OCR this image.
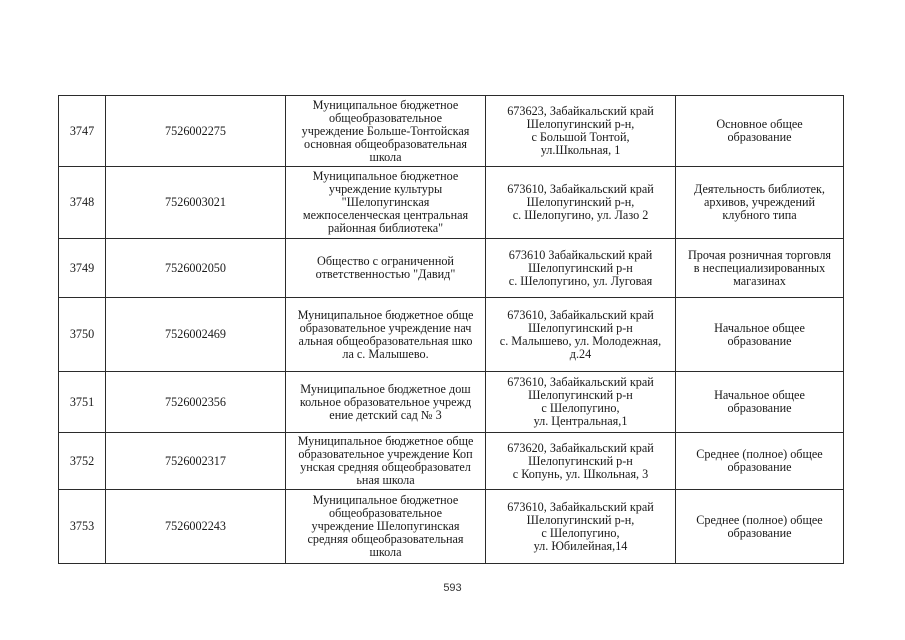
3747	7526002275	Муниципальное бюджетное
общеобразовательное
учреждение Больше-Тонтойская
основная общеобразовательная
школа	673623, Забайкальский край
Шелопугинский р-н,
с Большой Тонтой,
ул.Школьная, 1	Основное общее
образование
3748	7526003021	Муниципальное бюджетное
учреждение культуры
"Шелопугинская
межпоселенческая центральная
районная библиотека"	673610, Забайкальский край
Шелопугинский р-н,
с. Шелопугино, ул. Лазо 2	Деятельность библиотек,
архивов, учреждений
клубного типа
3749	7526002050	Общество с ограниченной
ответственностью "Давид"	673610 Забайкальский край
Шелопугинский р-н
с. Шелопугино, ул. Луговая	Прочая розничная торговля
в неспециализированных
магазинах
3750	7526002469	Муниципальное бюджетное обще
образовательное учреждение нач
альная общеобразовательная шко
ла с. Малышево.	673610, Забайкальский край
Шелопугинский р-н
с. Малышево, ул. Молодежная,
д.24	Начальное общее
образование
3751	7526002356	Муниципальное бюджетное дош
кольное образовательное учрежд
ение детский сад № 3	673610, Забайкальский край
Шелопугинский р-н
с Шелопугино,
ул. Центральная,1	Начальное общее
образование
3752	7526002317	Муниципальное бюджетное обще
образовательное учреждение Коп
унская средняя общеобразовател
ьная школа	673620, Забайкальский край
Шелопугинский р-н
с Копунь, ул. Школьная, 3	Среднее (полное) общее
образование
3753	7526002243	Муниципальное бюджетное
общеобразовательное
учреждение Шелопугинская
средняя общеобразовательная
школа	673610, Забайкальский край
Шелопугинский р-н,
с Шелопугино,
ул. Юбилейная,14	Среднее (полное) общее
образование
593
